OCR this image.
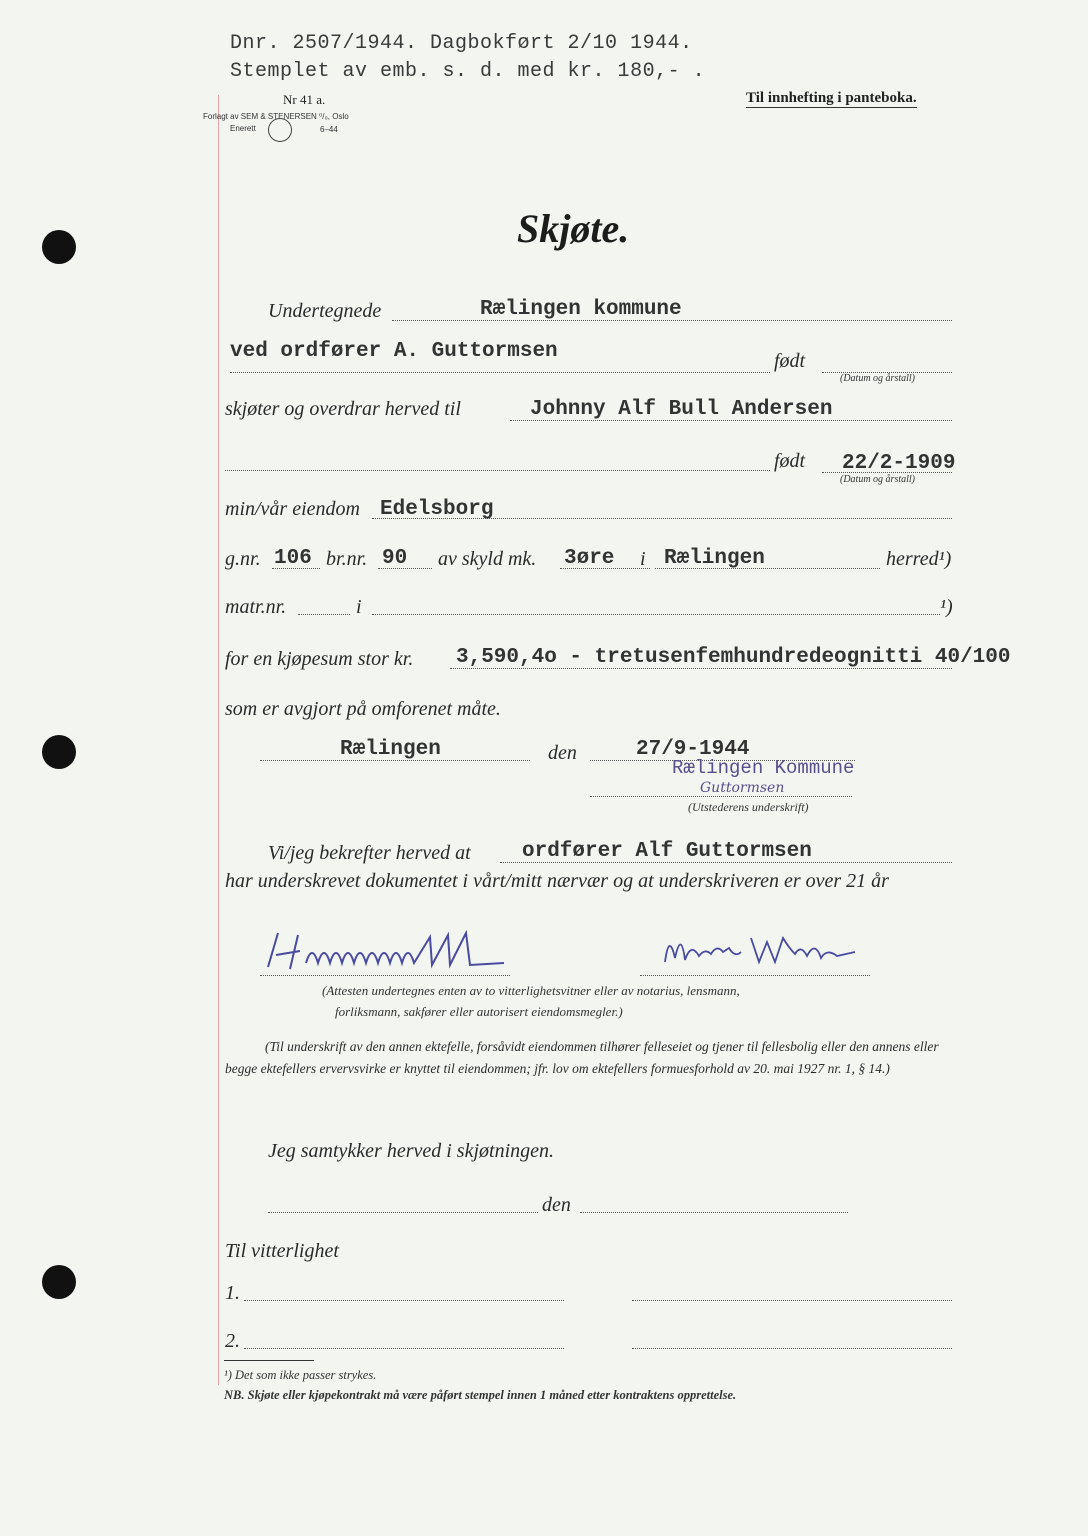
Dnr. 2507/1944. Dagbokført 2/10 1944.
Stemplet av emb. s. d. med kr. 180,- .
Nr 41 a.
Forlagt av SEM & STENERSEN ⁰/₀, Oslo
Enerett	6–44
Til innhefting i panteboka.
Skjøte.
Undertegnede	Rælingen kommune
ved ordfører A. Guttormsen	født
(Datum og årstall)
skjøter og overdrar herved til	Johnny Alf Bull Andersen
født 22/2-1909
(Datum og årstall)
min/vår eiendom Edelsborg
g.nr. 106 br.nr. 90 av skyld mk. 3øre i Rælingen	herred¹)
matr.nr.	i	¹)
for en kjøpesum stor kr. 3,590,4o - tretusenfemhundredeognitti 40/100
som er avgjort på omforenet måte.
Rælingen	den	27/9-1944
Rælingen Kommune
Guttormsen
(Utstederens underskrift)
Vi/jeg bekrefter herved at ordfører Alf Guttormsen
har underskrevet dokumentet i vårt/mitt nærvær og at underskriveren er over 21 år
(Attesten undertegnes enten av to vitterlighetsvitner eller av notarius, lensmann,
forliksmann, sakfører eller autorisert eiendomsmegler.)
(Til underskrift av den annen ektefelle, forsåvidt eiendommen tilhører felleseiet og tjener til fellesbolig eller den annens eller begge ektefellers ervervsvirke er knyttet til eiendommen; jfr. lov om ektefellers formuesforhold av 20. mai 1927 nr. 1, § 14.)
Jeg samtykker herved i skjøtningen.
den
Til vitterlighet
1.
2.
¹) Det som ikke passer strykes.
NB. Skjøte eller kjøpekontrakt må være påført stempel innen 1 måned etter kontraktens opprettelse.
